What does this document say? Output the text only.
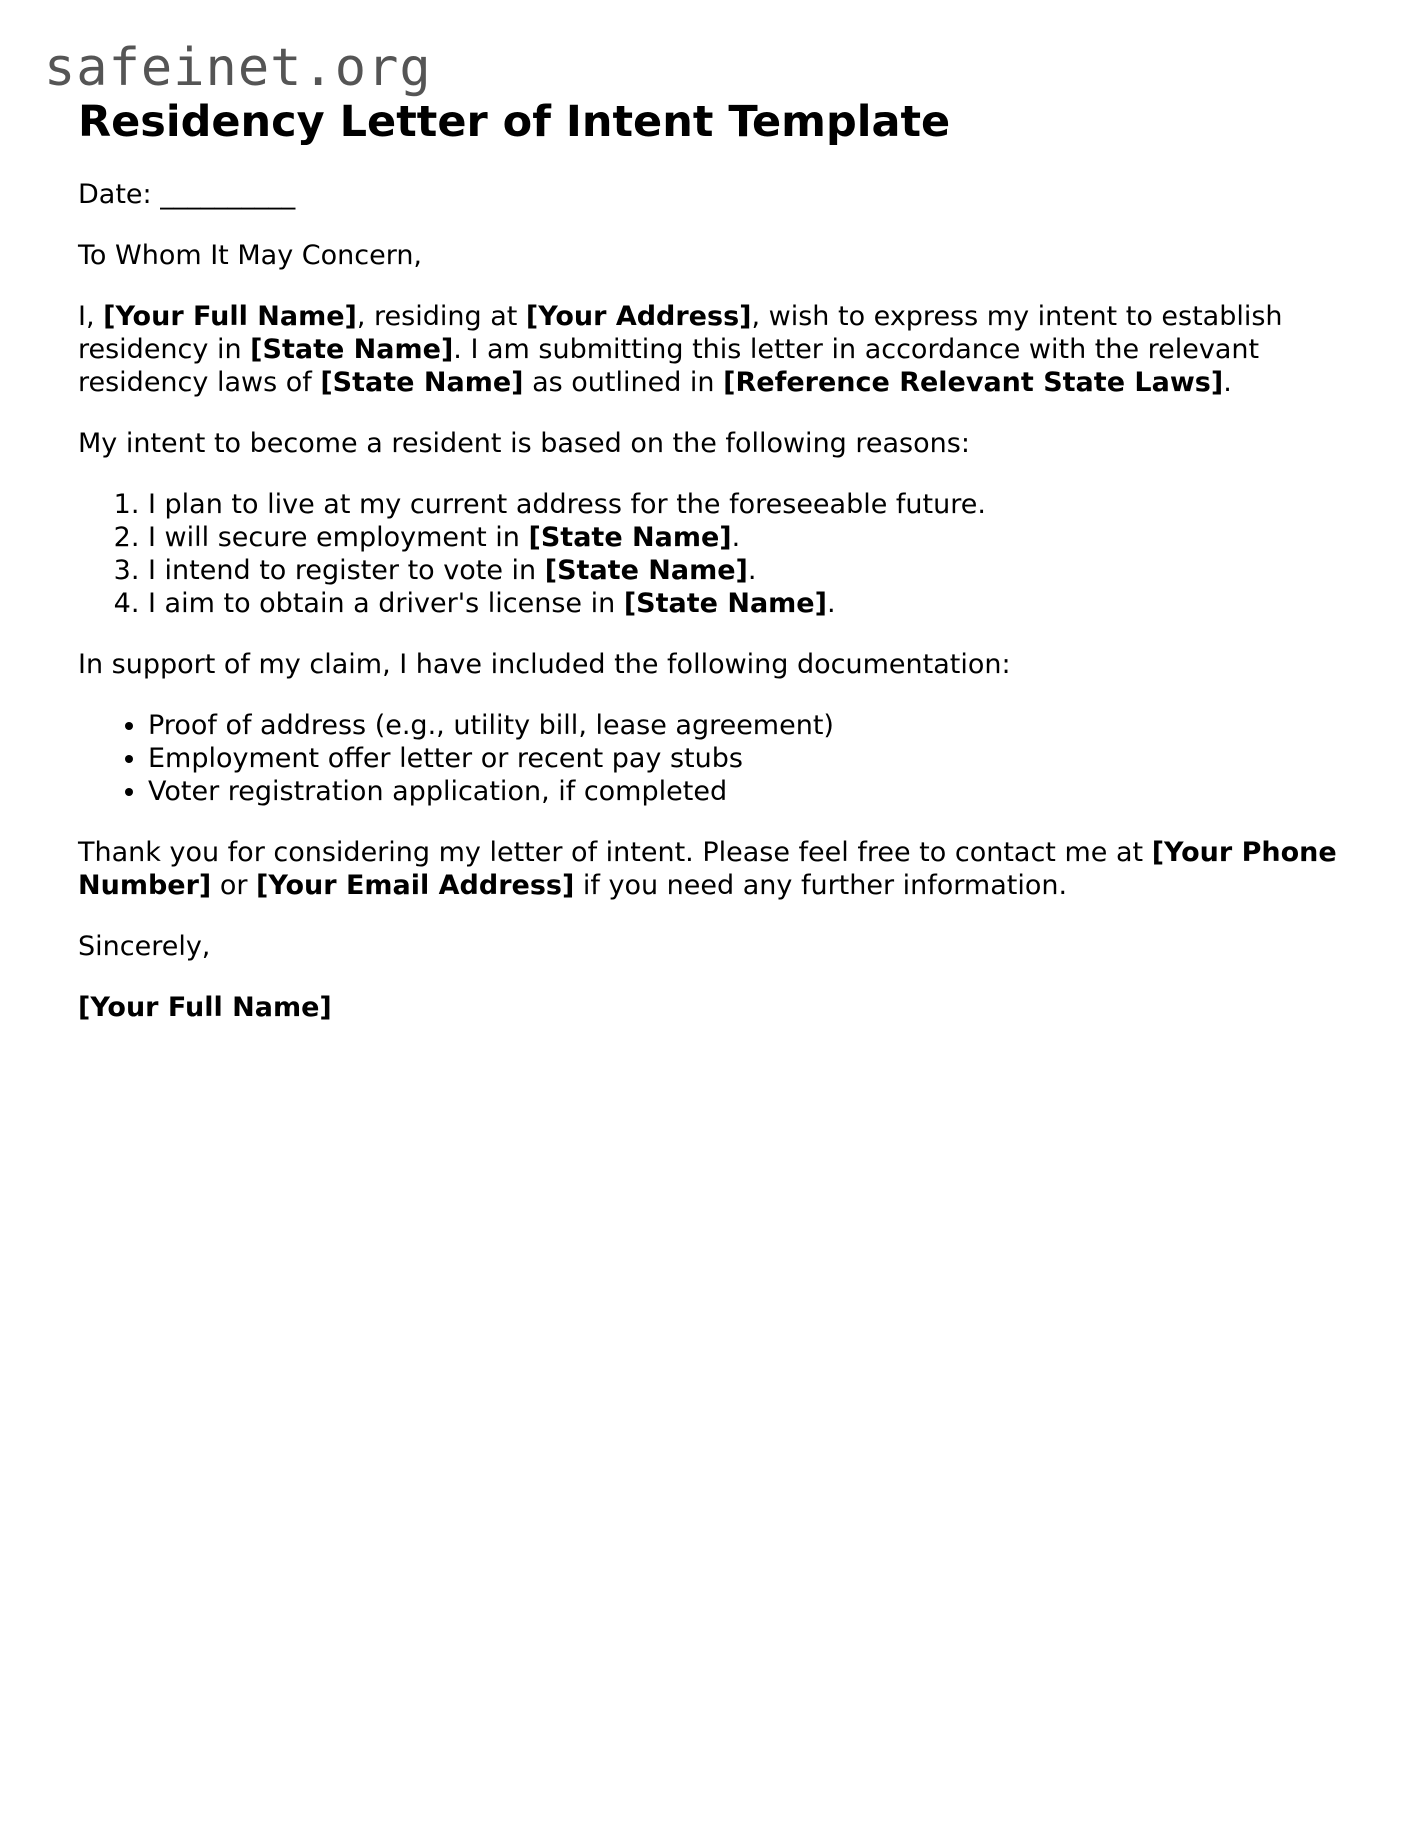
safeinet.org
Residency Letter of Intent Template

Date: __________

To Whom It May Concern,

I, [Your Full Name], residing at [Your Address], wish to express my intent to establish residency in [State Name]. I am submitting this letter in accordance with the relevant residency laws of [State Name] as outlined in [Reference Relevant State Laws].

My intent to become a resident is based on the following reasons:

1. I plan to live at my current address for the foreseeable future.
2. I will secure employment in [State Name].
3. I intend to register to vote in [State Name].
4. I aim to obtain a driver's license in [State Name].

In support of my claim, I have included the following documentation:

• Proof of address (e.g., utility bill, lease agreement)
• Employment offer letter or recent pay stubs
• Voter registration application, if completed

Thank you for considering my letter of intent. Please feel free to contact me at [Your Phone Number] or [Your Email Address] if you need any further information.

Sincerely,

[Your Full Name]
